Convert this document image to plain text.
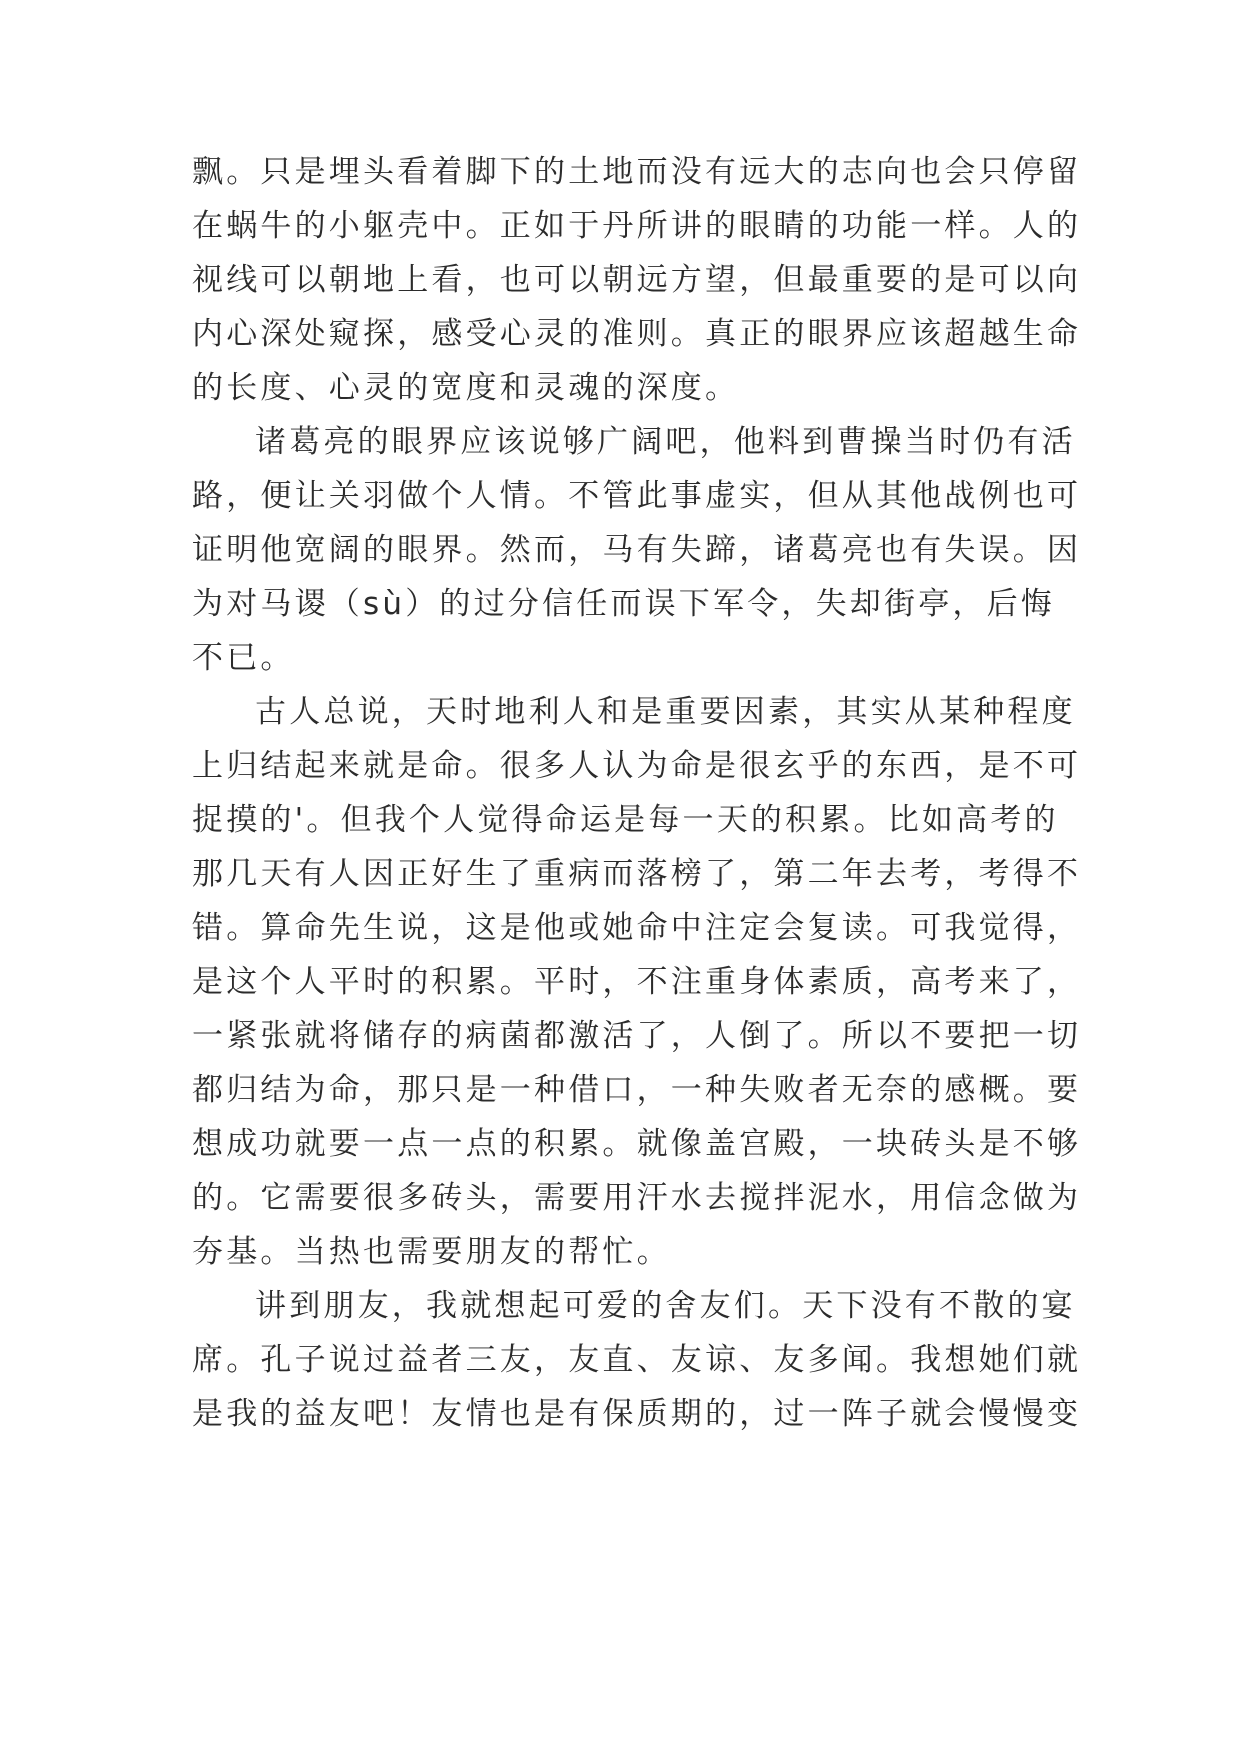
飘。只是埋头看着脚下的土地而没有远大的志向也会只停留
在蜗牛的小躯壳中。正如于丹所讲的眼睛的功能一样。人的
视线可以朝地上看，也可以朝远方望，但最重要的是可以向
内心深处窥探，感受心灵的准则。真正的眼界应该超越生命
的长度、心灵的宽度和灵魂的深度。
诸葛亮的眼界应该说够广阔吧，他料到曹操当时仍有活
路，便让关羽做个人情。不管此事虚实，但从其他战例也可
证明他宽阔的眼界。然而，马有失蹄，诸葛亮也有失误。因
为对马谡（sù）的过分信任而误下军令，失却街亭，后悔
不已。
古人总说，天时地利人和是重要因素，其实从某种程度
上归结起来就是命。很多人认为命是很玄乎的东西，是不可
捉摸的'。但我个人觉得命运是每一天的积累。比如高考的
那几天有人因正好生了重病而落榜了，第二年去考，考得不
错。算命先生说，这是他或她命中注定会复读。可我觉得，
是这个人平时的积累。平时，不注重身体素质，高考来了，
一紧张就将储存的病菌都激活了，人倒了。所以不要把一切
都归结为命，那只是一种借口，一种失败者无奈的感概。要
想成功就要一点一点的积累。就像盖宫殿，一块砖头是不够
的。它需要很多砖头，需要用汗水去搅拌泥水，用信念做为
夯基。当热也需要朋友的帮忙。
讲到朋友，我就想起可爱的舍友们。天下没有不散的宴
席。孔子说过益者三友，友直、友谅、友多闻。我想她们就
是我的益友吧！友情也是有保质期的，过一阵子就会慢慢变
